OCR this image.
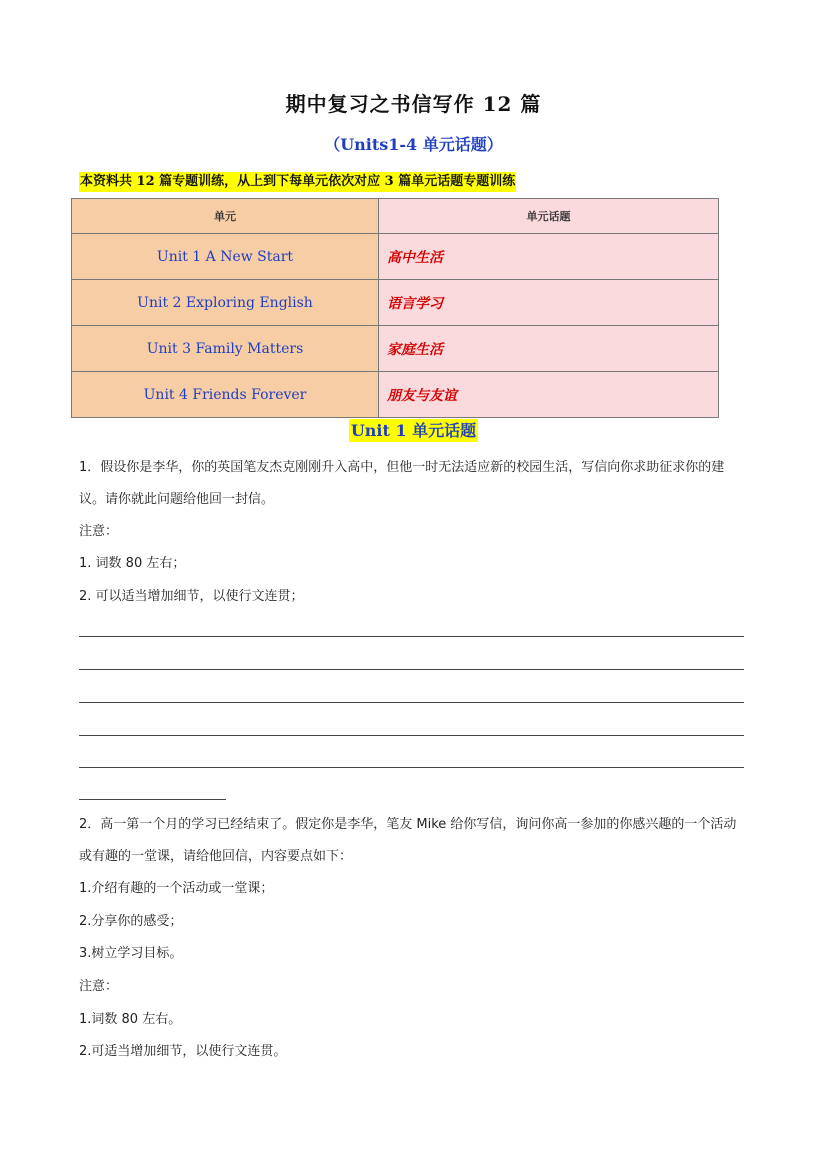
期中复习之书信写作 12 篇
（Units1-4 单元话题）
本资料共 12 篇专题训练，从上到下每单元依次对应 3 篇单元话题专题训练
单元	单元话题
Unit 1 A New Start	高中生活
Unit 2 Exploring English	语言学习
Unit 3 Family Matters	家庭生活
Unit 4 Friends Forever	朋友与友谊
Unit 1 单元话题
1．假设你是李华，你的英国笔友杰克刚刚升入高中，但他一时无法适应新的校园生活，写信向你求助征求你的建议。请你就此问题给他回一封信。
注意：
1. 词数 80 左右；
2. 可以适当增加细节，以使行文连贯；
2．高一第一个月的学习已经结束了。假定你是李华，笔友 Mike 给你写信，询问你高一参加的你感兴趣的一个活动或有趣的一堂课，请给他回信，内容要点如下：
1.介绍有趣的一个活动或一堂课；
2.分享你的感受；
3.树立学习目标。
注意：
1.词数 80 左右。
2.可适当增加细节，以使行文连贯。
